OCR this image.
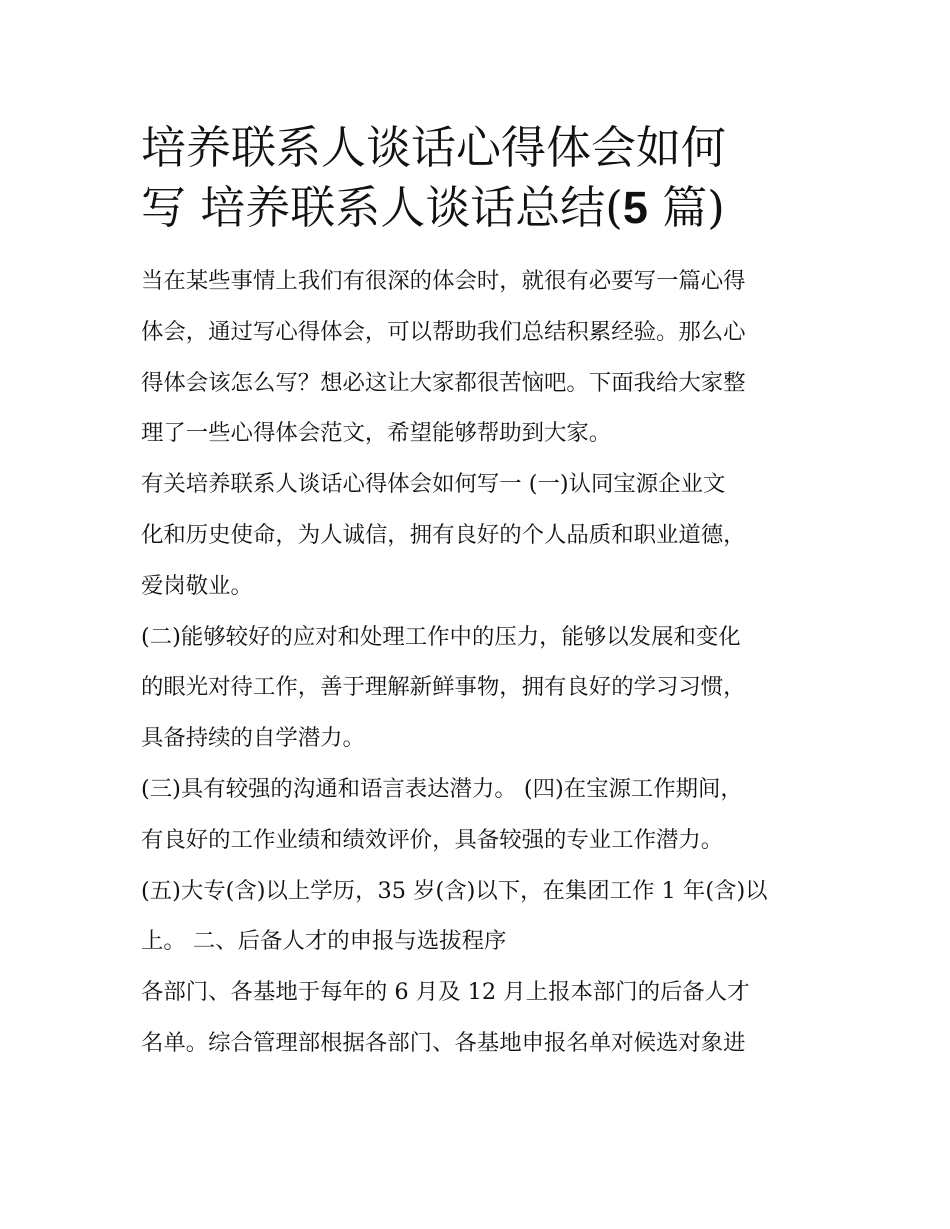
培养联系人谈话心得体会如何
写 培养联系人谈话总结(5 篇)

当在某些事情上我们有很深的体会时，就很有必要写一篇心得
体会，通过写心得体会，可以帮助我们总结积累经验。那么心
得体会该怎么写？想必这让大家都很苦恼吧。下面我给大家整
理了一些心得体会范文，希望能够帮助到大家。

有关培养联系人谈话心得体会如何写一 (一)认同宝源企业文
化和历史使命，为人诚信，拥有良好的个人品质和职业道德，
爱岗敬业。

(二)能够较好的应对和处理工作中的压力，能够以发展和变化
的眼光对待工作，善于理解新鲜事物，拥有良好的学习习惯，
具备持续的自学潜力。

(三)具有较强的沟通和语言表达潜力。 (四)在宝源工作期间，
有良好的工作业绩和绩效评价，具备较强的专业工作潜力。

(五)大专(含)以上学历，35 岁(含)以下，在集团工作 1 年(含)以
上。 二、后备人才的申报与选拔程序

各部门、各基地于每年的 6 月及 12 月上报本部门的后备人才
名单。综合管理部根据各部门、各基地申报名单对候选对象进
